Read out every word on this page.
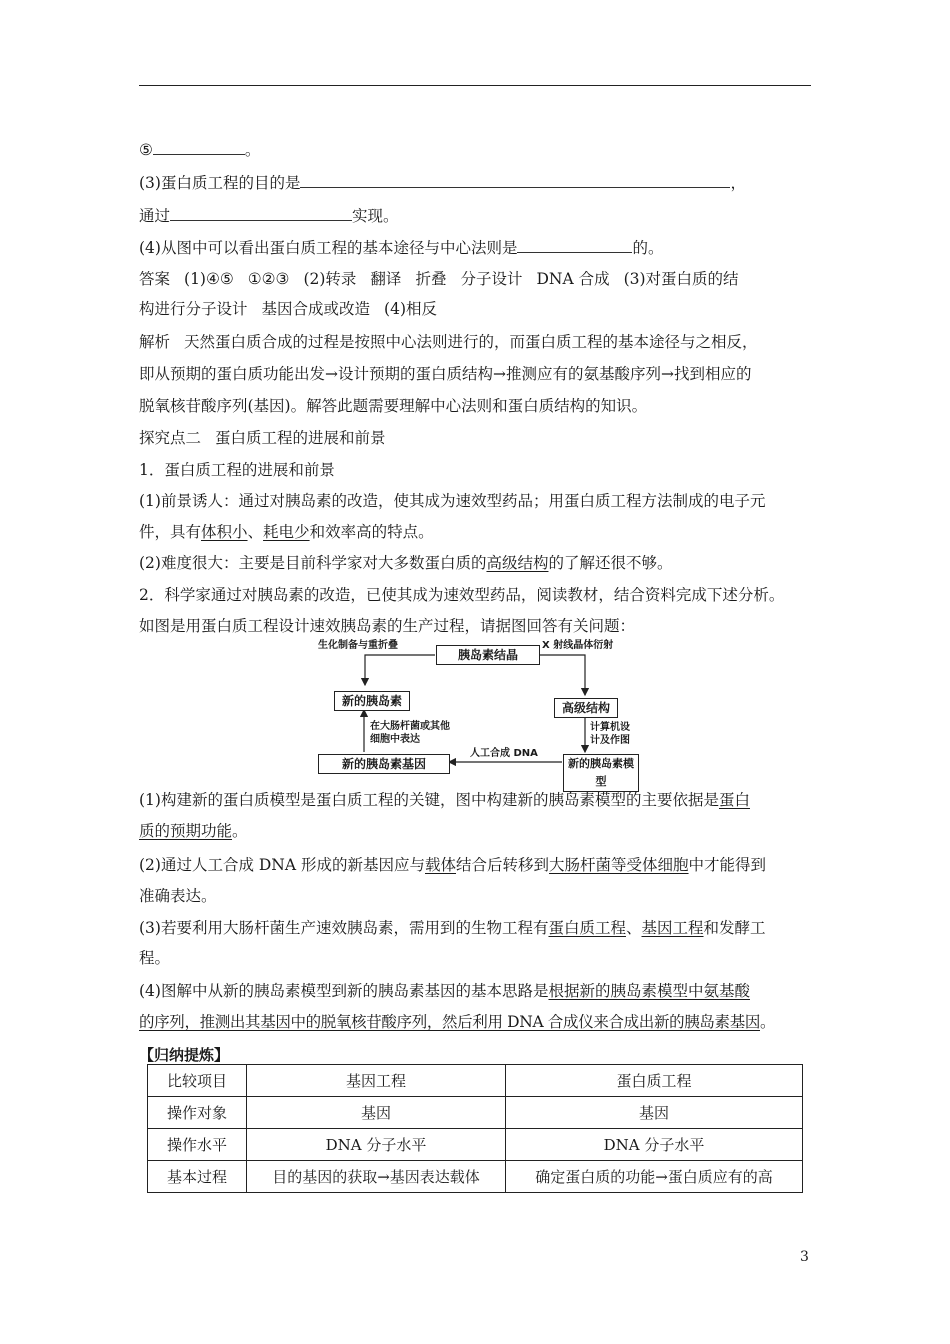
⑤	。
(3)蛋白质工程的目的是	，
通过	实现。
(4)从图中可以看出蛋白质工程的基本途径与中心法则是	的。
答案 (1)④⑤ ①②③ (2)转录 翻译 折叠 分子设计 DNA 合成 (3)对蛋白质的结
构进行分子设计 基因合成或改造 (4)相反
解析 天然蛋白质合成的过程是按照中心法则进行的，而蛋白质工程的基本途径与之相反，
即从预期的蛋白质功能出发→设计预期的蛋白质结构→推测应有的氨基酸序列→找到相应的
脱氧核苷酸序列(基因)。解答此题需要理解中心法则和蛋白质结构的知识。
探究点二 蛋白质工程的进展和前景
1．蛋白质工程的进展和前景
(1)前景诱人：通过对胰岛素的改造，使其成为速效型药品；用蛋白质工程方法制成的电子元
件，具有体积小、耗电少和效率高的特点。
(2)难度很大：主要是目前科学家对大多数蛋白质的高级结构的了解还很不够。
2．科学家通过对胰岛素的改造，已使其成为速效型药品，阅读教材，结合资料完成下述分析。
如图是用蛋白质工程设计速效胰岛素的生产过程，请据图回答有关问题：
胰岛素结晶
新的胰岛素	高级结构
新的胰岛素基因	新的胰岛素模型
生化制备与重折叠	X 射线晶体衍射
在大肠杆菌或其他
细胞中表达
计算机设
计及作图
人工合成 DNA
(1)构建新的蛋白质模型是蛋白质工程的关键，图中构建新的胰岛素模型的主要依据是蛋白
质的预期功能。
(2)通过人工合成 DNA 形成的新基因应与载体结合后转移到大肠杆菌等受体细胞中才能得到
准确表达。
(3)若要利用大肠杆菌生产速效胰岛素，需用到的生物工程有蛋白质工程、基因工程和发酵工
程。
(4)图解中从新的胰岛素模型到新的胰岛素基因的基本思路是根据新的胰岛素模型中氨基酸
的序列，推测出其基因中的脱氧核苷酸序列，然后利用 DNA 合成仪来合成出新的胰岛素基因。
【归纳提炼】
比较项目	基因工程	蛋白质工程
操作对象	基因	基因
操作水平	DNA 分子水平	DNA 分子水平
基本过程	目的基因的获取→基因表达载体	确定蛋白质的功能→蛋白质应有的高
3
